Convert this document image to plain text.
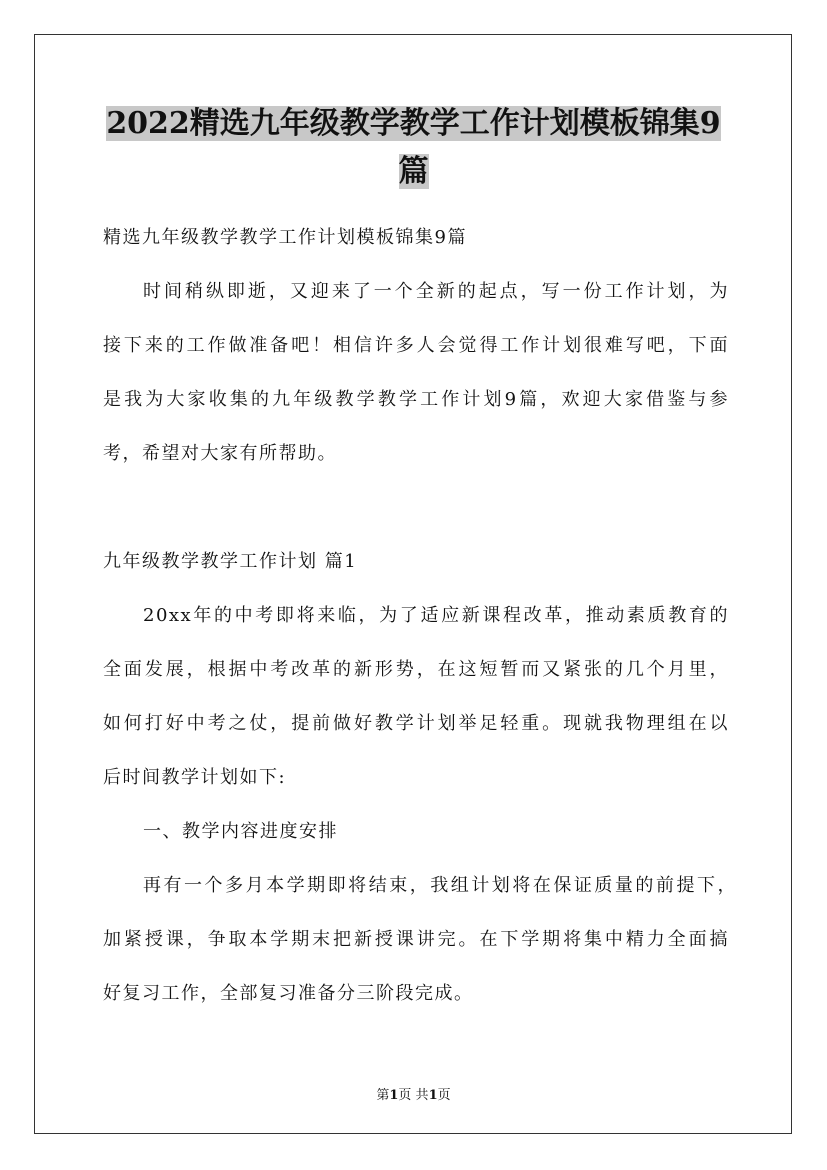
2022精选九年级教学教学工作计划模板锦集9
篇
精选九年级教学教学工作计划模板锦集9篇
时间稍纵即逝，又迎来了一个全新的起点，写一份工作计划，为
接下来的工作做准备吧！相信许多人会觉得工作计划很难写吧，下面
是我为大家收集的九年级教学教学工作计划9篇，欢迎大家借鉴与参
考，希望对大家有所帮助。
九年级教学教学工作计划 篇1
20xx年的中考即将来临，为了适应新课程改革，推动素质教育的
全面发展，根据中考改革的新形势，在这短暂而又紧张的几个月里，
如何打好中考之仗，提前做好教学计划举足轻重。现就我物理组在以
后时间教学计划如下:
一、教学内容进度安排
再有一个多月本学期即将结束，我组计划将在保证质量的前提下，
加紧授课，争取本学期末把新授课讲完。在下学期将集中精力全面搞
好复习工作，全部复习准备分三阶段完成。
第1页 共1页
